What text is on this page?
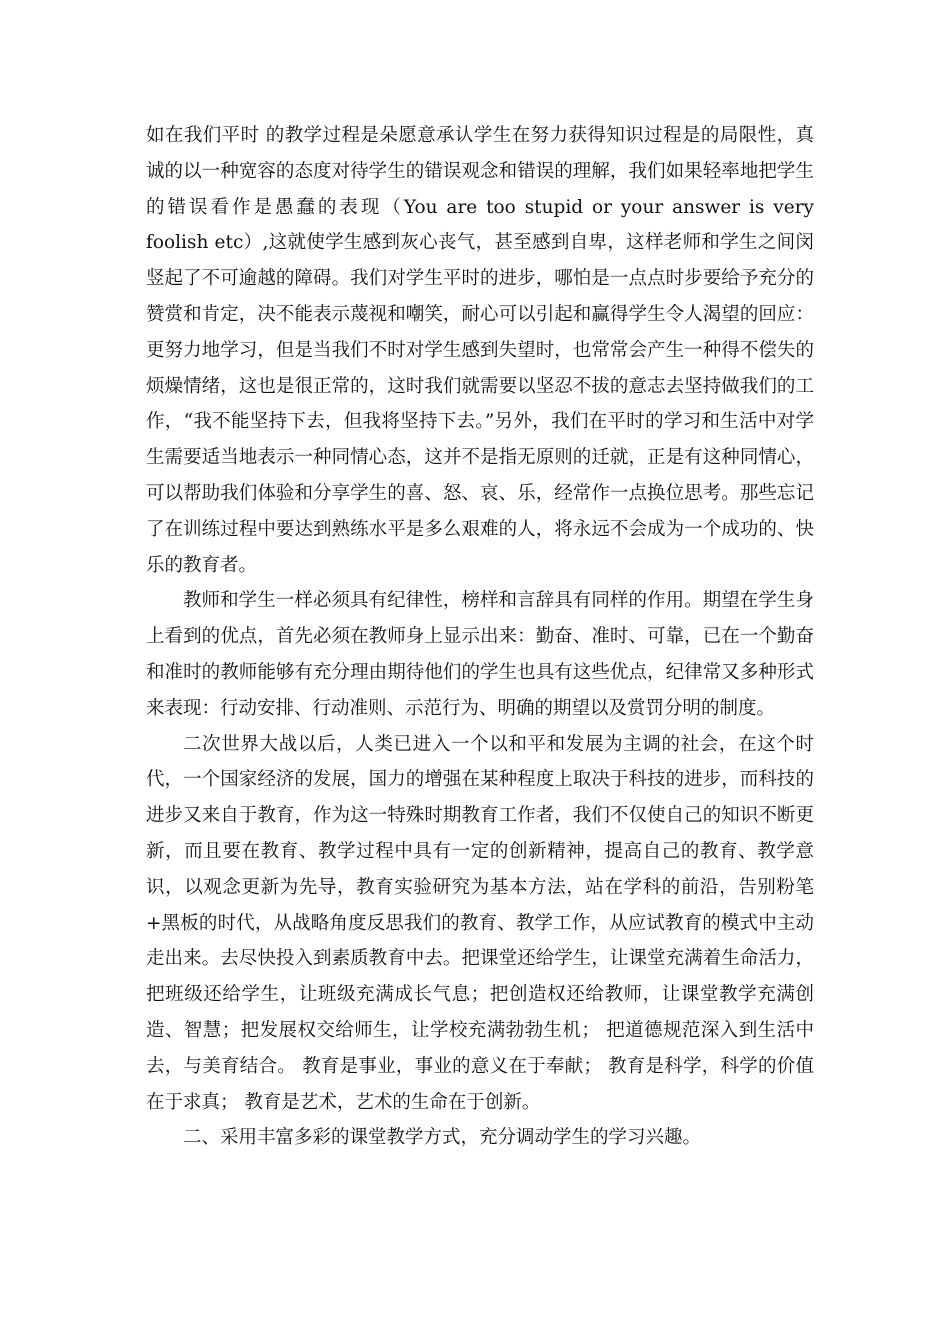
如在我们平时 的教学过程是朵愿意承认学生在努力获得知识过程是的局限性，真诚的以一种宽容的态度对待学生的错误观念和错误的理解，我们如果轻率地把学生的错误看作是愚蠢的表现（You are too stupid or your answer is very foolish etc）,这就使学生感到灰心丧气，甚至感到自卑，这样老师和学生之间闵竖起了不可逾越的障碍。我们对学生平时的进步，哪怕是一点点时步要给予充分的赞赏和肯定，决不能表示蔑视和嘲笑，耐心可以引起和赢得学生令人渴望的回应：更努力地学习，但是当我们不时对学生感到失望时，也常常会产生一种得不偿失的烦燥情绪，这也是很正常的，这时我们就需要以坚忍不拔的意志去坚持做我们的工作，“我不能坚持下去，但我将坚持下去。”另外，我们在平时的学习和生活中对学生需要适当地表示一种同情心态，这并不是指无原则的迁就，正是有这种同情心，可以帮助我们体验和分享学生的喜、怒、哀、乐，经常作一点换位思考。那些忘记了在训练过程中要达到熟练水平是多么艰难的人，将永远不会成为一个成功的、快乐的教育者。

教师和学生一样必须具有纪律性，榜样和言辞具有同样的作用。期望在学生身上看到的优点，首先必须在教师身上显示出来：勤奋、准时、可靠，已在一个勤奋和准时的教师能够有充分理由期待他们的学生也具有这些优点，纪律常又多种形式来表现：行动安排、行动准则、示范行为、明确的期望以及赏罚分明的制度。

二次世界大战以后，人类已进入一个以和平和发展为主调的社会，在这个时代，一个国家经济的发展，国力的增强在某种程度上取决于科技的进步，而科技的进步又来自于教育，作为这一特殊时期教育工作者，我们不仅使自己的知识不断更新，而且要在教育、教学过程中具有一定的创新精神，提高自己的教育、教学意识，以观念更新为先导，教育实验研究为基本方法，站在学科的前沿，告别粉笔+黑板的时代，从战略角度反思我们的教育、教学工作，从应试教育的模式中主动走出来。去尽快投入到素质教育中去。把课堂还给学生，让课堂充满着生命活力，把班级还给学生，让班级充满成长气息；把创造权还给教师，让课堂教学充满创造、智慧；把发展权交给师生，让学校充满勃勃生机； 把道德规范深入到生活中去，与美育结合。 教育是事业，事业的意义在于奉献； 教育是科学，科学的价值在于求真； 教育是艺术，艺术的生命在于创新。

二、采用丰富多彩的课堂教学方式，充分调动学生的学习兴趣。
